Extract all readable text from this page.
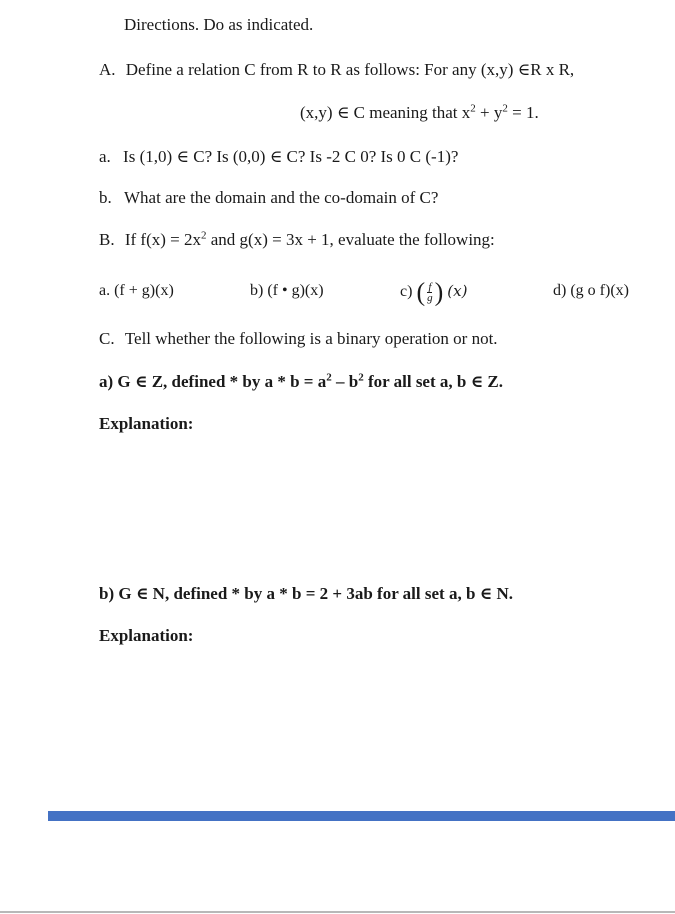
Directions. Do as indicated.
A. Define a relation C from R to R as follows: For any (x,y) ∈R x R,
(x,y) ∈ C meaning that $x^2 + y^2 = 1$.
a. Is (1,0) ∈ C? Is (0,0) ∈ C? Is -2 C 0? Is 0 C (-1)?
b. What are the domain and the co-domain of C?
B. If $f(x) = 2x^2$ and g(x) = 3x + 1, evaluate the following:
a. (f + g)(x)	b) (f • g)(x)	c) ( $\frac{f}{g}$ ) (x)	d) (g o f)(x)
C. Tell whether the following is a binary operation or not.
a) G ∈ Z, defined * by $a * b = a^2 - b^2$ for all set a, b ∈ Z.
Explanation:
b) G ∈ N, defined * by a * b = 2 + 3ab for all set a, b ∈ N.
Explanation:
